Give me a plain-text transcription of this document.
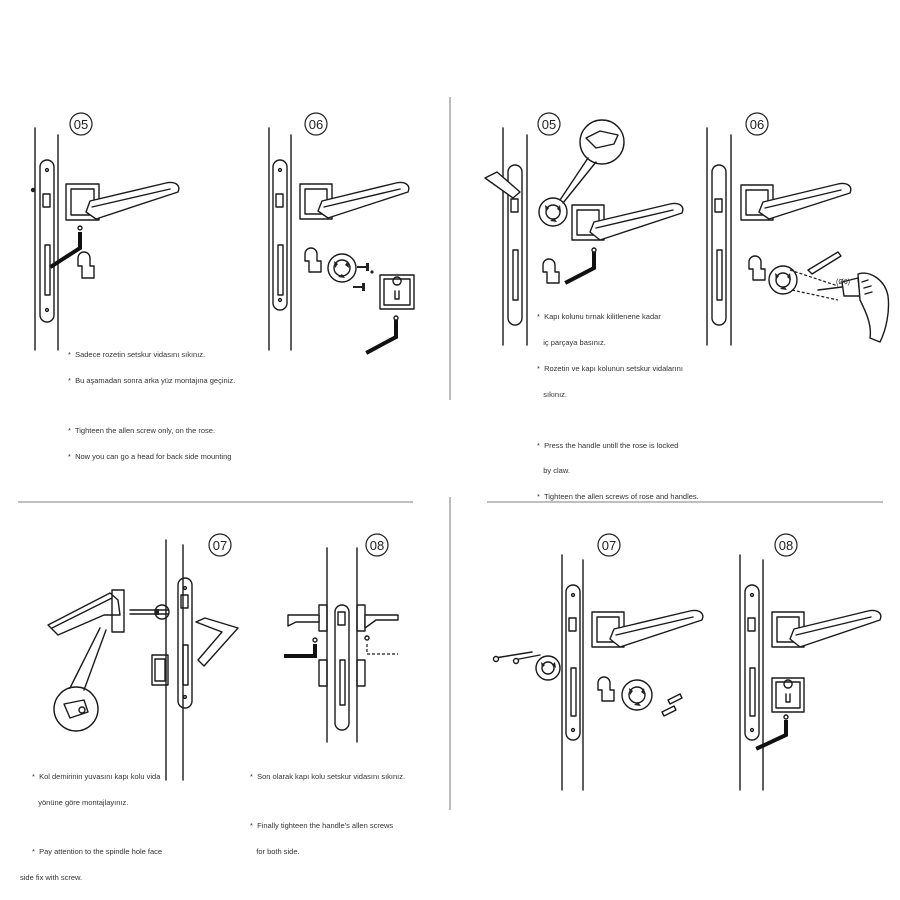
05	06	05
(Ø6)
06
07	08	07	08

*  Sadece rozetin setskur vidasını sıkınız.

*  Bu aşamadan sonra arka yüz montajına geçiniz.

*  Tighteen the allen screw only, on the rose.

*  Now you can go a head for back side mounting

*  Kapı kolunu tırnak kilitlenene kadar

iç parçaya basınız.

*  Rozetin ve kapı kolunun setskur vidalarını

sıkınız.

*  Press the handle untill the rose is locked

by claw.

*  Tighteen the allen screws of rose and handles.

*  Kol demirinin yuvasını kapı kolu vida

yönüne göre montajlayınız.

*  Pay attention to the spindle hole face

side fix with screw.

*  Son olarak kapı kolu setskur vidasını sıkınız.

*  Finally tighteen the handle's allen screws

for both side.
